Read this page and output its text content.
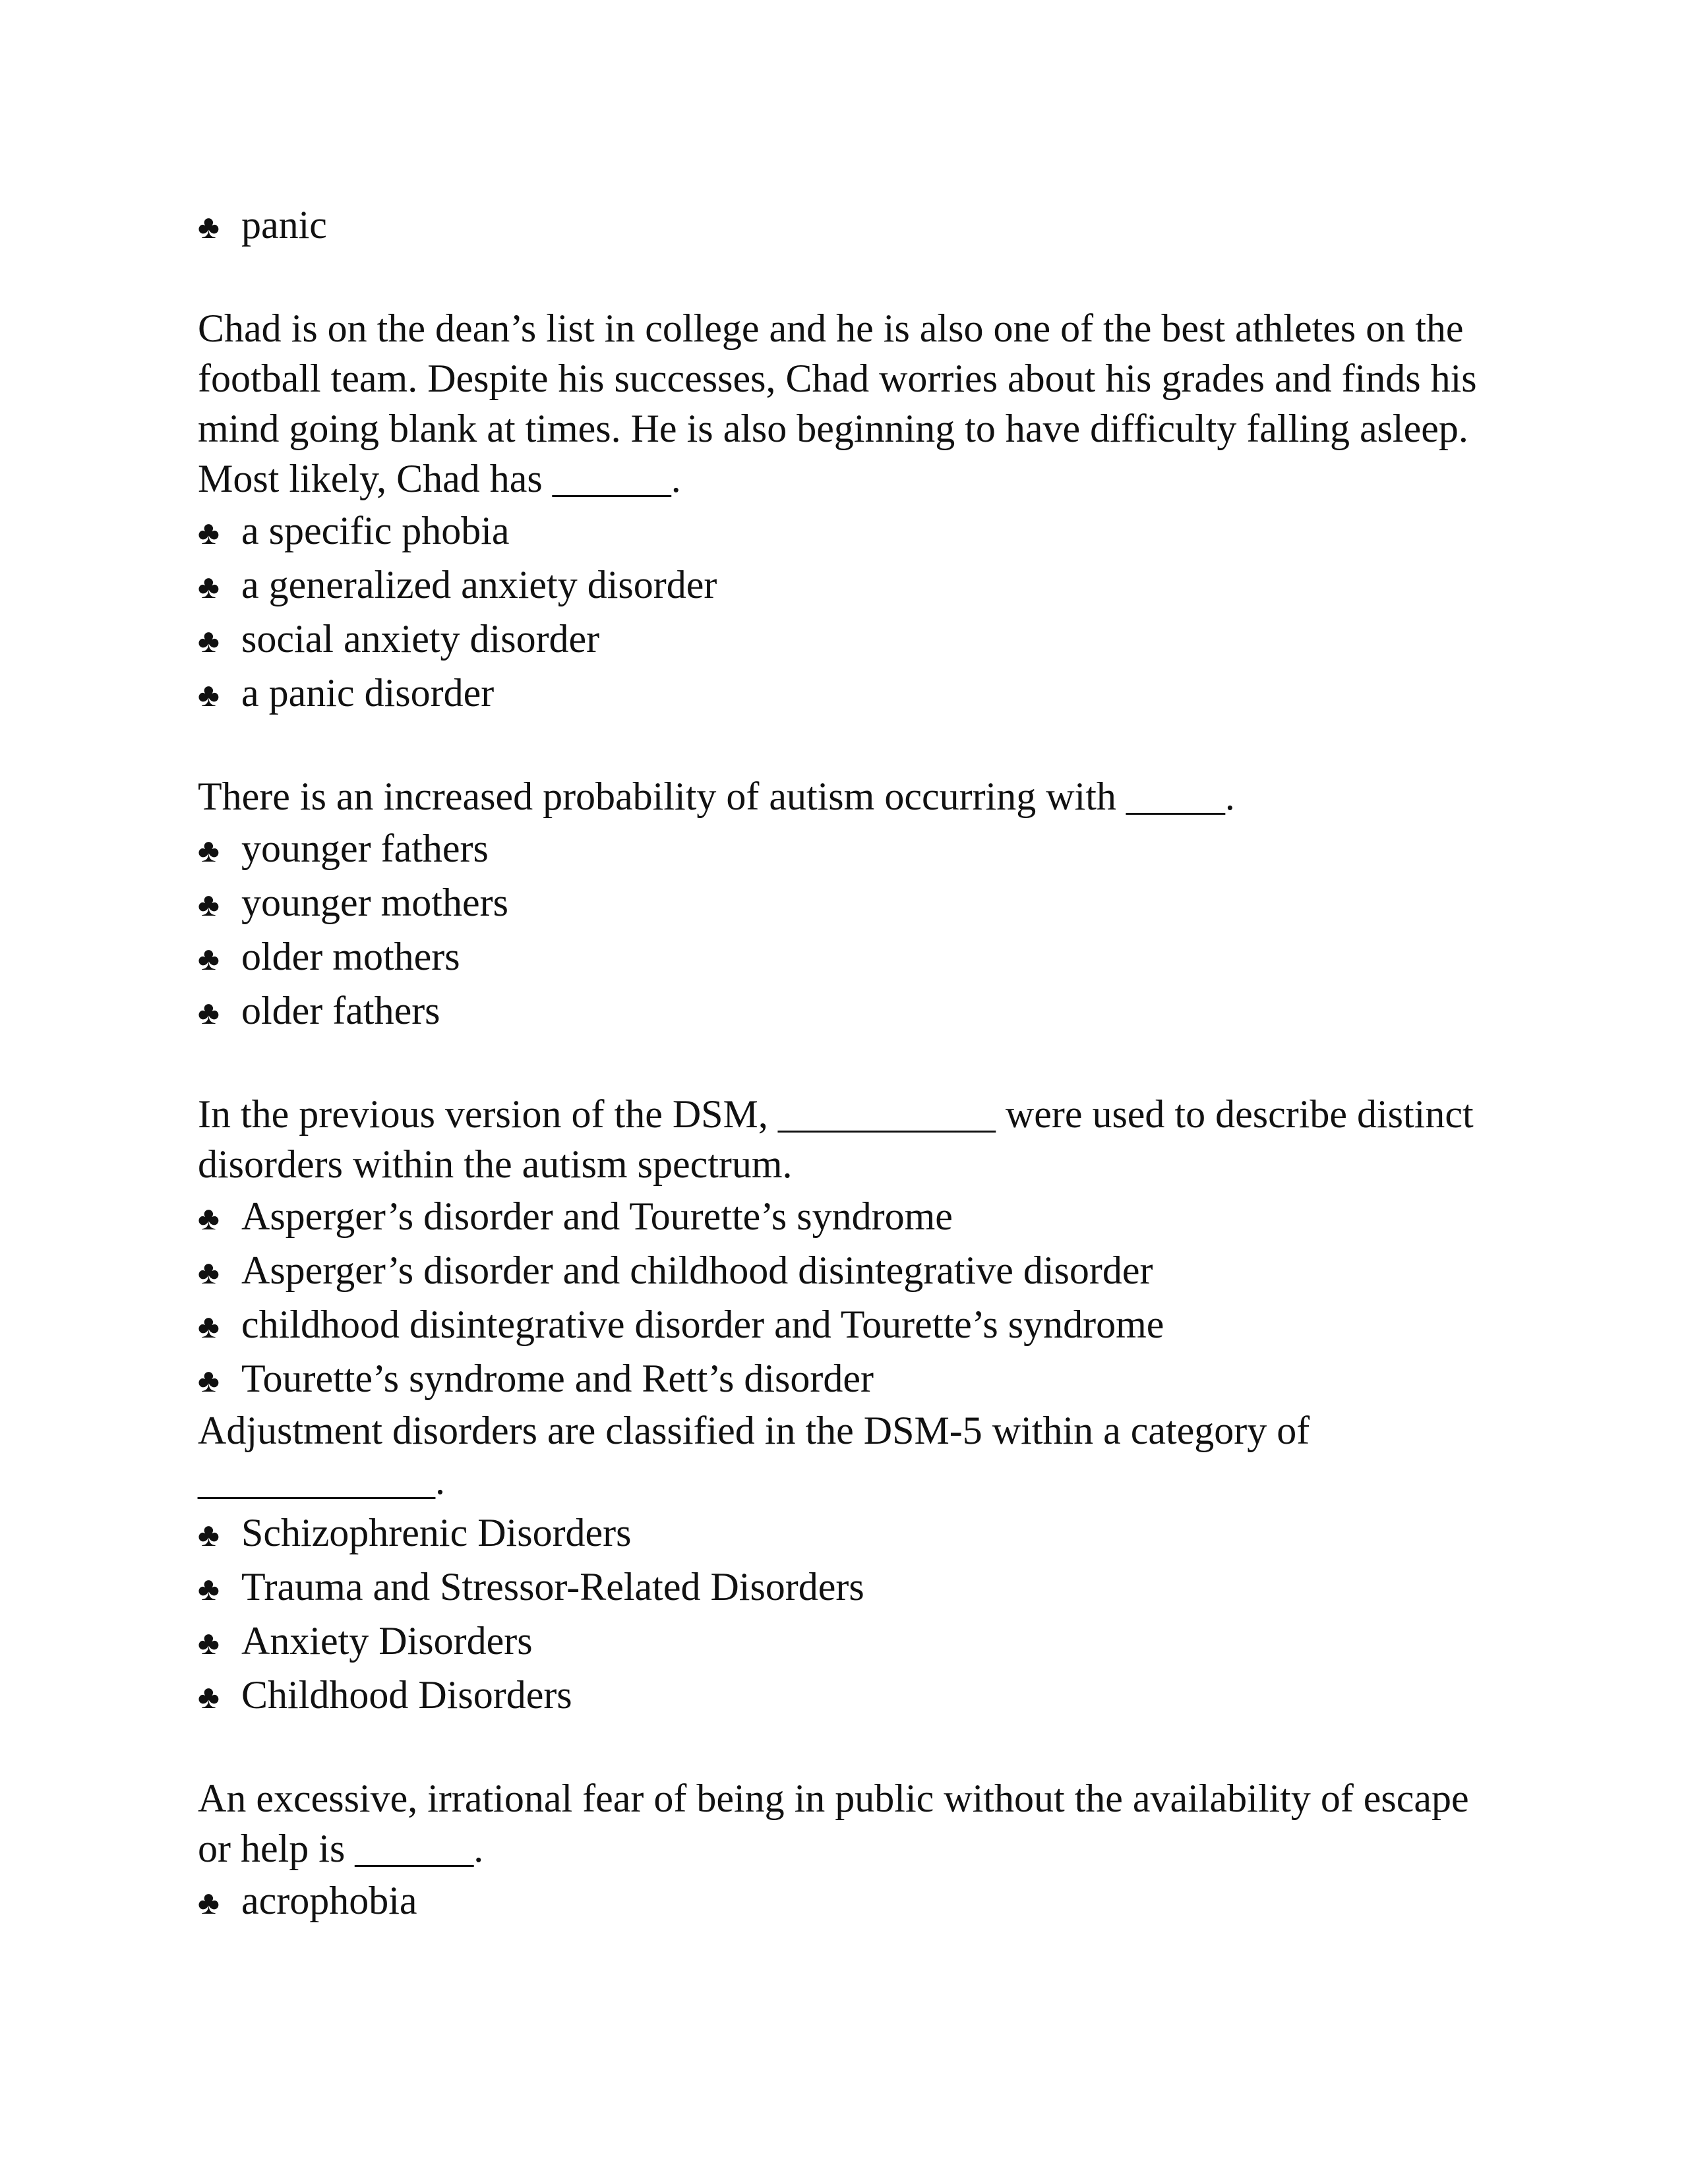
♣ panic

Chad is on the dean’s list in college and he is also one of the best athletes on the football team. Despite his successes, Chad worries about his grades and finds his mind going blank at times. He is also beginning to have difficulty falling asleep. Most likely, Chad has ______.

♣ a specific phobia
♣ a generalized anxiety disorder
♣ social anxiety disorder
♣ a panic disorder

There is an increased probability of autism occurring with _____.

♣ younger fathers
♣ younger mothers
♣ older mothers
♣ older fathers

In the previous version of the DSM, ___________ were used to describe distinct disorders within the autism spectrum.

♣ Asperger’s disorder and Tourette’s syndrome
♣ Asperger’s disorder and childhood disintegrative disorder
♣ childhood disintegrative disorder and Tourette’s syndrome
♣ Tourette’s syndrome and Rett’s disorder

Adjustment disorders are classified in the DSM-5 within a category of ____________.

♣ Schizophrenic Disorders
♣ Trauma and Stressor-Related Disorders
♣ Anxiety Disorders
♣ Childhood Disorders

An excessive, irrational fear of being in public without the availability of escape or help is ______.

♣ acrophobia
